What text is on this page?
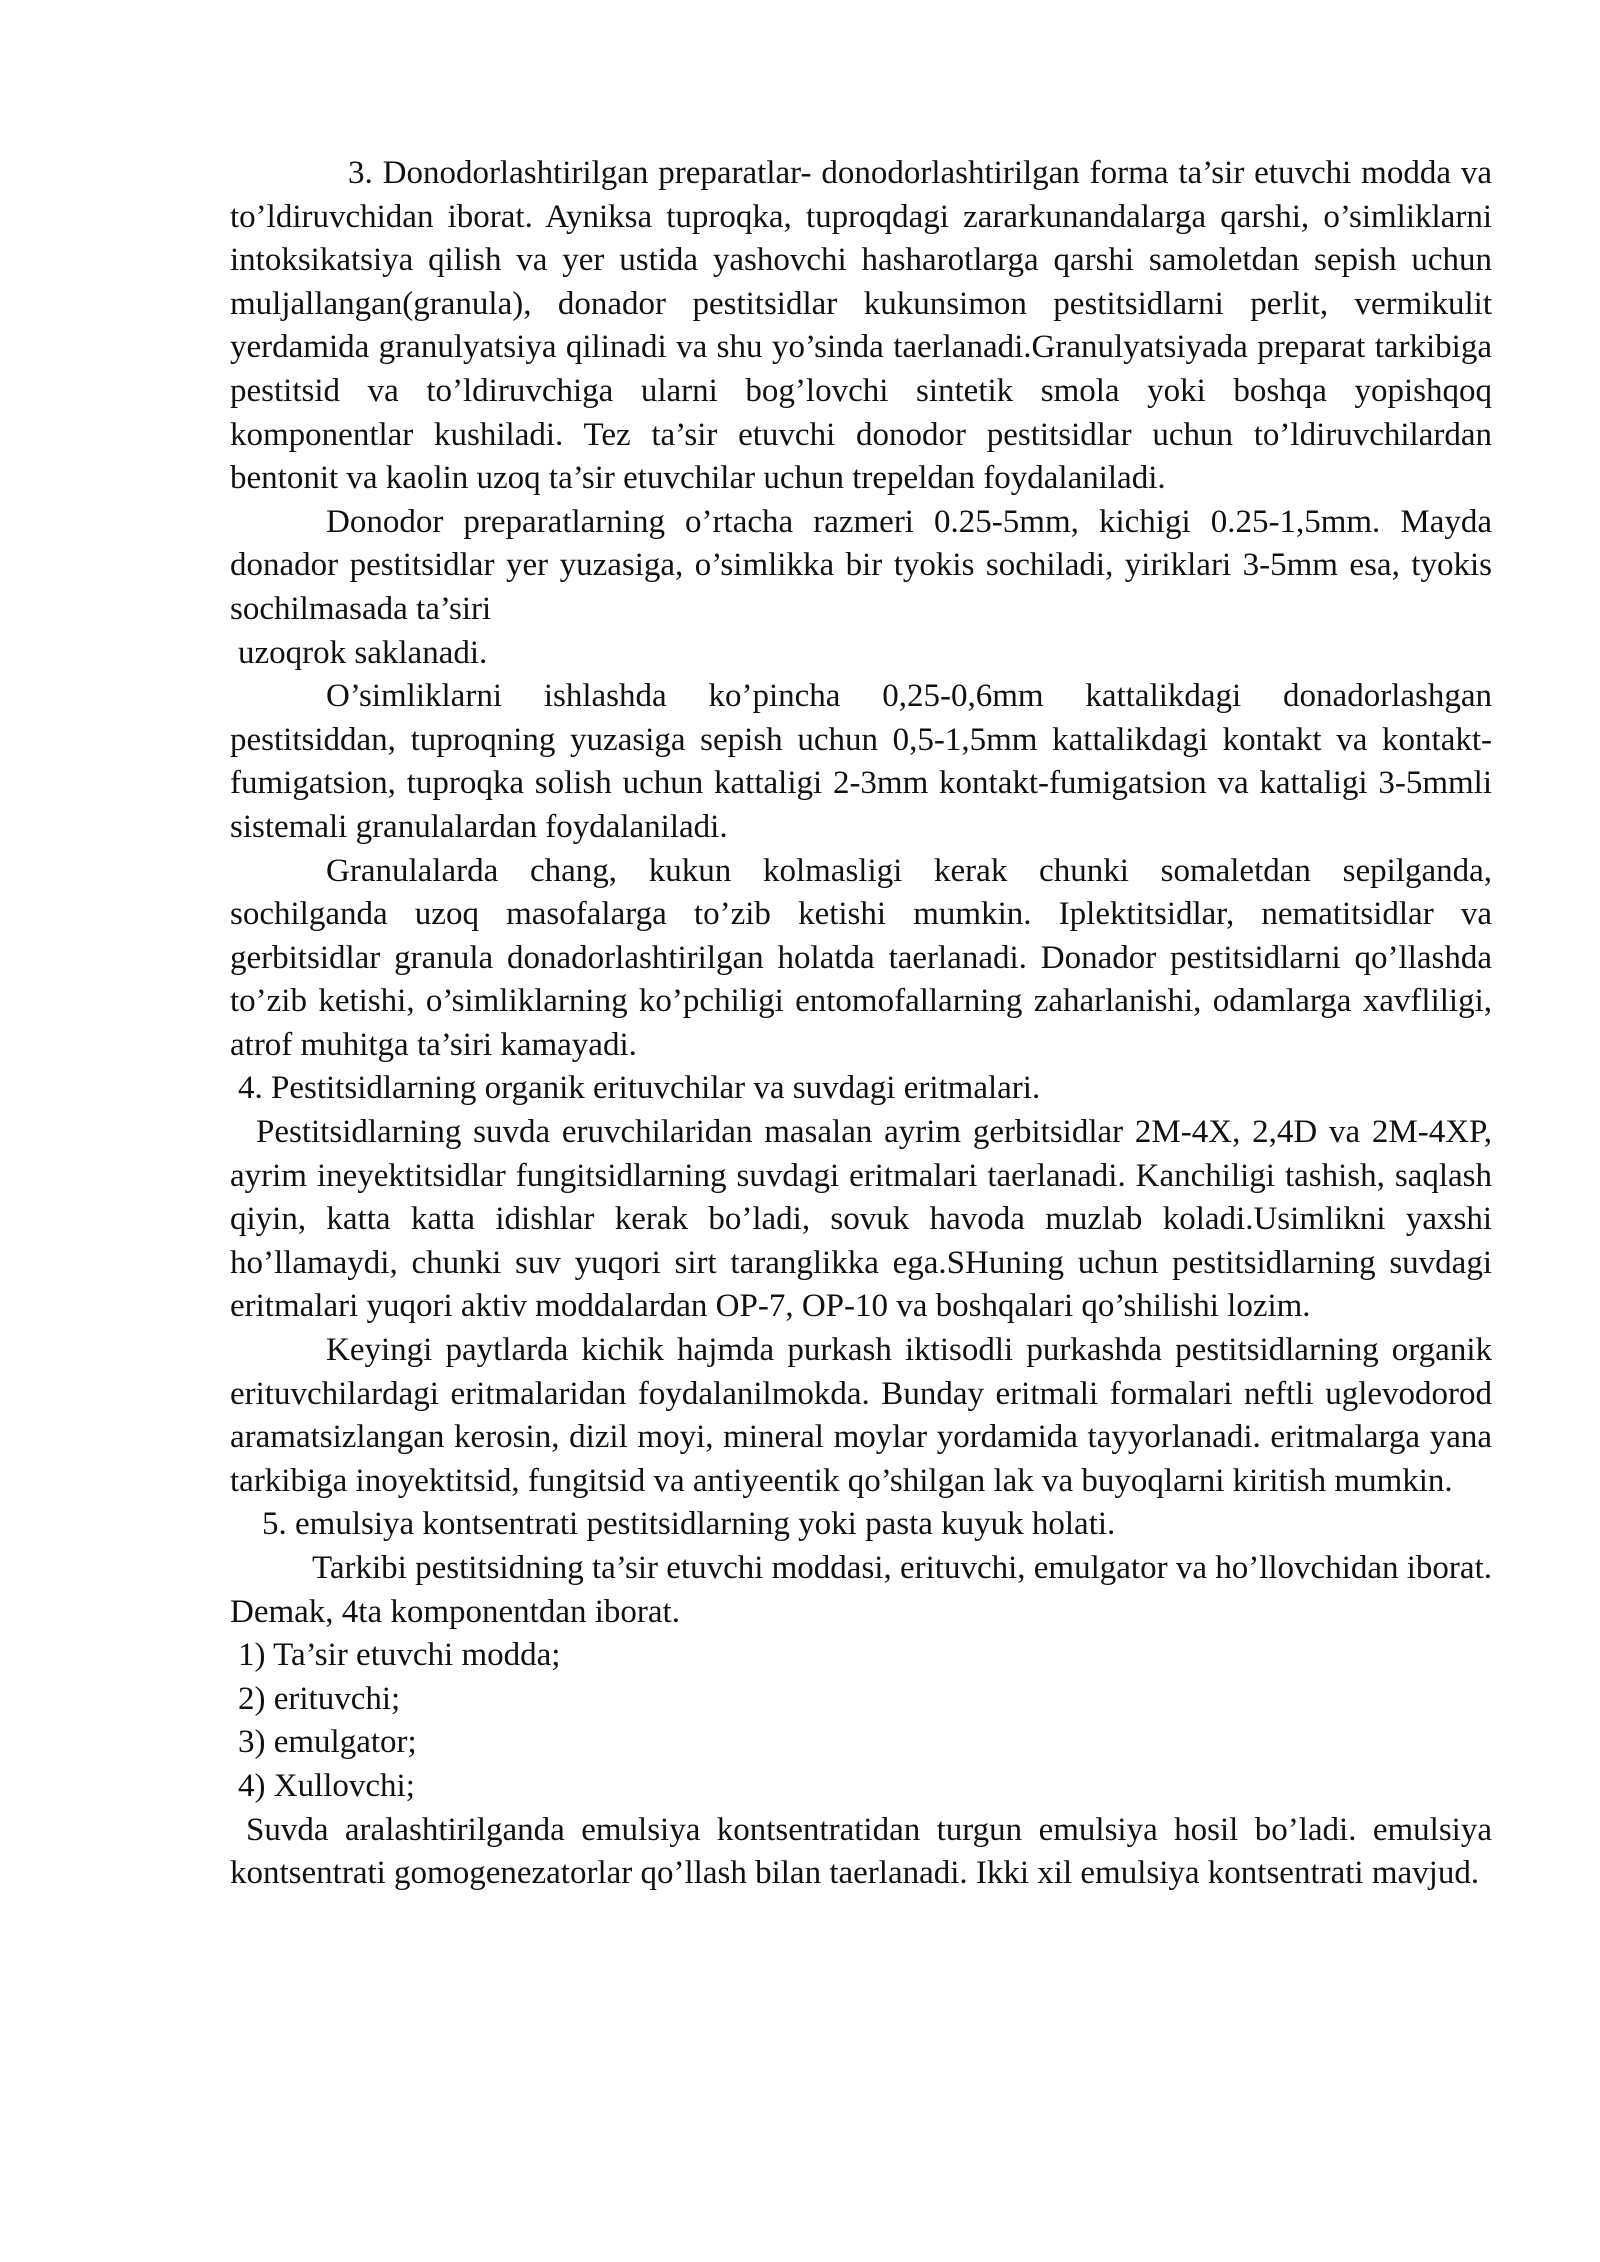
3. Donodorlashtirilgan preparatlar- donodorlashtirilgan forma ta’sir etuvchi modda va to’ldiruvchidan iborat. Ayniksa tuproqka, tuproqdagi zararkunandalarga qarshi, o’simliklarni intoksikatsiya qilish va yer ustida yashovchi hasharotlarga qarshi samoletdan sepish uchun muljallangan(granula), donador pestitsidlar kukunsimon pestitsidlarni perlit, vermikulit yerdamida granulyatsiya qilinadi va shu yo’sinda taerlanadi.Granulyatsiyada preparat tarkibiga pestitsid va to’ldiruvchiga ularni bog’lovchi sintetik smola yoki boshqa yopishqoq komponentlar kushiladi. Tez ta’sir etuvchi donodor pestitsidlar uchun to’ldiruvchilardan bentonit va kaolin uzoq ta’sir etuvchilar uchun trepeldan foydalaniladi.

Donodor preparatlarning o’rtacha razmeri 0.25-5mm, kichigi 0.25-1,5mm. Mayda donador pestitsidlar yer yuzasiga, o’simlikka bir tyokis sochiladi, yiriklari 3-5mm esa, tyokis sochilmasada ta’siri
uzoqrok saklanadi.

O’simliklarni ishlashda ko’pincha 0,25-0,6mm kattalikdagi donadorlashgan pestitsiddan, tuproqning yuzasiga sepish uchun 0,5-1,5mm kattalikdagi kontakt va kontakt-fumigatsion, tuproqka solish uchun kattaligi 2-3mm kontakt-fumigatsion va kattaligi 3-5mmli sistemali granulalardan foydalaniladi.

Granulalarda chang, kukun kolmasligi kerak chunki somaletdan sepilganda, sochilganda uzoq masofalarga to’zib ketishi mumkin. Iplektitsidlar, nematitsidlar va gerbitsidlar granula donadorlashtirilgan holatda taerlanadi. Donador pestitsidlarni qo’llashda to’zib ketishi, o’simliklarning ko’pchiligi entomofallarning zaharlanishi, odamlarga xavfliligi, atrof muhitga ta’siri kamayadi.

4. Pestitsidlarning organik erituvchilar va suvdagi eritmalari.

Pestitsidlarning suvda eruvchilaridan masalan ayrim gerbitsidlar 2M-4X, 2,4D va 2M-4XP, ayrim ineyektitsidlar fungitsidlarning suvdagi eritmalari taerlanadi. Kanchiligi tashish, saqlash qiyin, katta katta idishlar kerak bo’ladi, sovuk havoda muzlab koladi.Usimlikni yaxshi ho’llamaydi, chunki suv yuqori sirt taranglikka ega.SHuning uchun pestitsidlarning suvdagi eritmalari yuqori aktiv moddalardan OP-7, OP-10 va boshqalari qo’shilishi lozim.

Keyingi paytlarda kichik hajmda purkash iktisodli purkashda pestitsidlarning organik erituvchilardagi eritmalaridan foydalanilmokda. Bunday eritmali formalari neftli uglevodorod aramatsizlangan kerosin, dizil moyi, mineral moylar yordamida tayyorlanadi. eritmalarga yana tarkibiga inoyektitsid, fungitsid va antiyeentik qo’shilgan lak va buyoqlarni kiritish mumkin.

5. emulsiya kontsentrati pestitsidlarning yoki pasta kuyuk holati.

Tarkibi pestitsidning ta’sir etuvchi moddasi, erituvchi, emulgator va ho’llovchidan iborat. Demak, 4ta komponentdan iborat.

1) Ta’sir etuvchi modda;

2) erituvchi;

3) emulgator;

4) Xullovchi;

Suvda aralashtirilganda emulsiya kontsentratidan turgun emulsiya hosil bo’ladi. emulsiya kontsentrati gomogenezatorlar qo’llash bilan taerlanadi. Ikki xil emulsiya kontsentrati mavjud.
